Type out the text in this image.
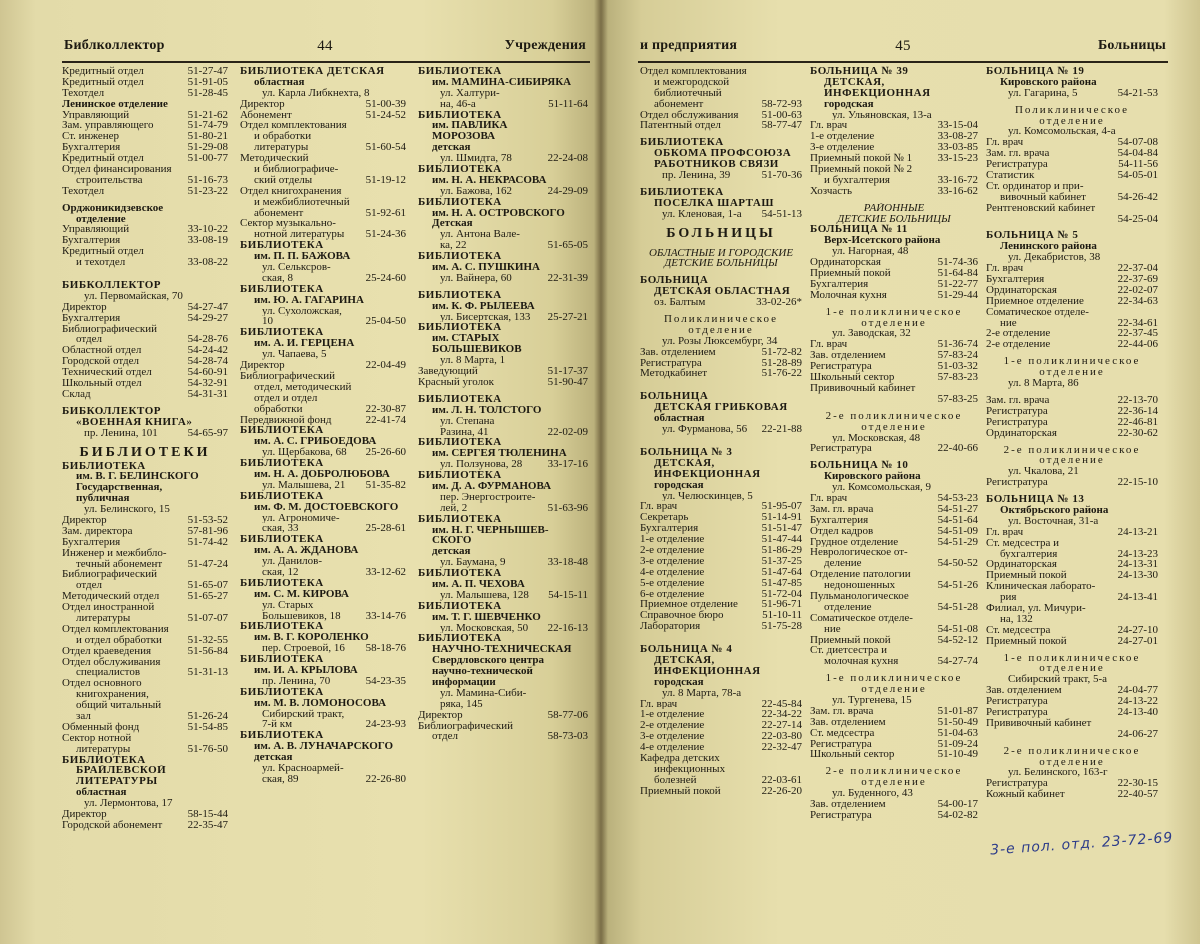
Библколлектор	44	Учреждения
Кредитный отдел	51-27-47
Кредитный отдел	51-91-05
Техотдел	51-28-45
Ленинское отделение
Управляющий	51-21-62
Зам. управляющего	51-74-79
Ст. инженер	51-80-21
Бухгалтерия	51-29-08
Кредитный отдел	51-00-77
Отдел финансирования
строительства	51-16-73
Техотдел	51-23-22
Орджоникидзевское
отделение
Управляющий	33-10-22
Бухгалтерия	33-08-19
Кредитный отдел
и техотдел	33-08-22
БИБКОЛЛЕКТОР
ул. Первомайская, 70
Директор	54-27-47
Бухгалтерия	54-29-27
Библиографический
отдел	54-28-76
Областной отдел	54-24-42
Городской отдел	54-28-74
Технический отдел	54-60-91
Школьный отдел	54-32-91
Склад	54-31-31
БИБКОЛЛЕКТОР
«ВОЕННАЯ КНИГА»
пр. Ленина, 101	54-65-97
БИБЛИОТЕКИ
БИБЛИОТЕКА
им. В. Г. БЕЛИНСКОГО
Государственная,
публичная
ул. Белинского, 15
Директор	51-53-52
Зам. директора	57-81-96
Бухгалтерия	51-74-42
Инженер и межбибло-
течный абонемент	51-47-24
Библиографический
отдел	51-65-07
Методический отдел	51-65-27
Отдел иностранной
литературы	51-07-07
Отдел комплектования
и отдел обработки	51-32-55
Отдел краеведения	51-56-84
Отдел обслуживания
специалистов	51-31-13
Отдел основного
книгохранения,
общий читальный
зал	51-26-24
Обменный фонд	51-54-85
Сектор нотной
литературы	51-76-50
БИБЛИОТЕКА
БРАЙЛЕВСКОЙ
ЛИТЕРАТУРЫ
областная
ул. Лермонтова, 17
Директор	58-15-44
Городской абонемент	22-35-47
БИБЛИОТЕКА ДЕТСКАЯ
областная
ул. Карла Либкнехта, 8
Директор	51-00-39
Абонемент	51-24-52
Отдел комплектования
и обработки
литературы	51-60-54
Методический
и библиографиче-
ский отделы	51-19-12
Отдел книгохранения
и межбиблиотечный
абонемент	51-92-61
Сектор музыкально-
нотной литературы	51-24-36
БИБЛИОТЕКА
им. П. П. БАЖОВА
ул. Сельксров-
ская, 8	25-24-60
БИБЛИОТЕКА
им. Ю. А. ГАГАРИНА
ул. Сухоложская,
10	25-04-50
БИБЛИОТЕКА
им. А. И. ГЕРЦЕНА
ул. Чапаева, 5
Директор	22-04-49
Библиографический
отдел, методический
отдел и отдел
обработки	22-30-87
Передвижной фонд	22-41-74
БИБЛИОТЕКА
им. А. С. ГРИБОЕДОВА
ул. Щербакова, 68	25-26-60
БИБЛИОТЕКА
им. Н. А. ДОБРОЛЮБОВА
ул. Малышева, 21	51-35-82
БИБЛИОТЕКА
им. Ф. М. ДОСТОЕВСКОГО
ул. Агрономиче-
ская, 33	25-28-61
БИБЛИОТЕКА
им. А. А. ЖДАНОВА
ул. Данилов-
ская, 12	33-12-62
БИБЛИОТЕКА
им. С. М. КИРОВА
ул. Старых
Большевиков, 18	33-14-76
БИБЛИОТЕКА
им. В. Г. КОРОЛЕНКО
пер. Строевой, 16	58-18-76
БИБЛИОТЕКА
им. И. А. КРЫЛОВА
пр. Ленина, 70	54-23-35
БИБЛИОТЕКА
им. М. В. ЛОМОНОСОВА
Сибирский тракт,
7-й км	24-23-93
БИБЛИОТЕКА
им. А. В. ЛУНАЧАРСКОГО
детская
ул. Красноармей-
ская, 89	22-26-80
БИБЛИОТЕКА
им. МАМИНА-СИБИРЯКА
ул. Халтури-
на, 46-а	51-11-64
БИБЛИОТЕКА
им. ПАВЛИКА
МОРОЗОВА
детская
ул. Шмидта, 78	22-24-08
БИБЛИОТЕКА
им. Н. А. НЕКРАСОВА
ул. Бажова, 162	24-29-09
БИБЛИОТЕКА
им. Н. А. ОСТРОВСКОГО
Детская
ул. Антона Вале-
ка, 22	51-65-05
БИБЛИОТЕКА
им. А. С. ПУШКИНА
ул. Вайнера, 60	22-31-39
БИБЛИОТЕКА
им. К. Ф. РЫЛЕЕВА
ул. Бисертская, 133	25-27-21
БИБЛИОТЕКА
им. СТАРЫХ
БОЛЬШЕВИКОВ
ул. 8 Марта, 1
Заведующий	51-17-37
Красный уголок	51-90-47
БИБЛИОТЕКА
им. Л. Н. ТОЛСТОГО
ул. Степана
Разина, 41	22-02-09
БИБЛИОТЕКА
им. СЕРГЕЯ ТЮЛЕНИНА
ул. Ползунова, 28	33-17-16
БИБЛИОТЕКА
им. Д. А. ФУРМАНОВА
пер. Энергостроите-
лей, 2	51-63-96
БИБЛИОТЕКА
им. Н. Г. ЧЕРНЫШЕВ-
СКОГО
детская
ул. Баумана, 9	33-18-48
БИБЛИОТЕКА
им. А. П. ЧЕХОВА
ул. Малышева, 128	54-15-11
БИБЛИОТЕКА
им. Т. Г. ШЕВЧЕНКО
ул. Московская, 50	22-16-13
БИБЛИОТЕКА
НАУЧНО-ТЕХНИЧЕСКАЯ
Свердловского центра
научно-технической
информации
ул. Мамина-Сиби-
ряка, 145
Директор	58-77-06
Библиографический
отдел	58-73-03
и предприятия	45	Больницы
Отдел комплектования
и межгородской
библиотечный
абонемент	58-72-93
Отдел обслуживания	51-00-63
Патентный отдел	58-77-47
БИБЛИОТЕКА
ОБКОМА ПРОФСОЮЗА
РАБОТНИКОВ СВЯЗИ
пр. Ленина, 39	51-70-36
БИБЛИОТЕКА
ПОСЕЛКА ШАРТАШ
ул. Кленовая, 1-а	54-51-13
БОЛЬНИЦЫ
ОБЛАСТНЫЕ И ГОРОДСКИЕ
ДЕТСКИЕ БОЛЬНИЦЫ
БОЛЬНИЦА
ДЕТСКАЯ ОБЛАСТНАЯ
оз. Балтым	33-02-26*
Поликлиническое
отделение
ул. Розы Люксембург, 34
Зав. отделением	51-72-82
Регистратура	51-28-89
Методкабинет	51-76-22
БОЛЬНИЦА
ДЕТСКАЯ ГРИБКОВАЯ
областная
ул. Фурманова, 56	22-21-88
БОЛЬНИЦА № 3
ДЕТСКАЯ,
ИНФЕКЦИОННАЯ
городская
ул. Челюскинцев, 5
Гл. врач	51-95-07
Секретарь	51-14-91
Бухгалтерия	51-51-47
1-е отделение	51-47-44
2-е отделение	51-86-29
3-е отделение	51-37-25
4-е отделение	51-47-64
5-е отделение	51-47-85
6-е отделение	51-72-04
Приемное отделение	51-96-71
Справочное бюро	51-10-11
Лаборатория	51-75-28
БОЛЬНИЦА № 4
ДЕТСКАЯ,
ИНФЕКЦИОННАЯ
городская
ул. 8 Марта, 78-а
Гл. врач	22-45-84
1-е отделение	22-34-22
2-е отделение	22-27-14
3-е отделение	22-03-80
4-е отделение	22-32-47
Кафедра детских
инфекционных
болезней	22-03-61
Приемный покой	22-26-20
БОЛЬНИЦА № 39
ДЕТСКАЯ,
ИНФЕКЦИОННАЯ
городская
ул. Ульяновская, 13-а
Гл. врач	33-15-04
1-е отделение	33-08-27
3-е отделение	33-03-85
Приемный покой № 1	33-15-23
Приемный покой № 2
и бухгалтерия	33-16-72
Хозчасть	33-16-62
РАЙОННЫЕ
ДЕТСКИЕ БОЛЬНИЦЫ
БОЛЬНИЦА № 11
Верх-Исетского района
ул. Нагорная, 48
Ординаторская	51-74-36
Приемный покой	51-64-84
Бухгалтерия	51-22-77
Молочная кухня	51-29-44
1-е поликлиническое
отделение
ул. Заводская, 32
Гл. врач	51-36-74
Зав. отделением	57-83-24
Регистратура	51-03-32
Школьный сектор	57-83-23
Прививочный кабинет
57-83-25
2-е поликлиническое
отделение
ул. Московская, 48
Регистратура	22-40-66
БОЛЬНИЦА № 10
Кировского района
ул. Комсомольская, 9
Гл. врач	54-53-23
Зам. гл. врача	54-51-27
Бухгалтерия	54-51-64
Отдел кадров	54-51-09
Грудное отделение	54-51-29
Неврологическое от-
деление	54-50-52
Отделение патологии
недоношенных	54-51-26
Пульманологическое
отделение	54-51-28
Соматическое отделе-
ние	54-51-08
Приемный покой	54-52-12
Ст. диетсестра и
молочная кухня	54-27-74
1-е поликлиническое
отделение
ул. Тургенева, 15
Зам. гл. врача	51-01-87
Зав. отделением	51-50-49
Ст. медсестра	51-04-63
Регистратура	51-09-24
Школьный сектор	51-10-49
2-е поликлиническое
отделение
ул. Буденного, 43
Зав. отделением	54-00-17
Регистратура	54-02-82
БОЛЬНИЦА № 19
Кировского района
ул. Гагарина, 5	54-21-53
Поликлиническое
отделение
ул. Комсомольская, 4-а
Гл. врач	54-07-08
Зам. гл. врача	54-04-84
Регистратура	54-11-56
Статистик	54-05-01
Ст. ординатор и при-
вивочный кабинет	54-26-42
Рентгеновский кабинет
54-25-04
БОЛЬНИЦА № 5
Ленинского района
ул. Декабристов, 38
Гл. врач	22-37-04
Бухгалтерия	22-37-69
Ординаторская	22-02-07
Приемное отделение	22-34-63
Соматическое отделе-
ние	22-34-61
2-е отделение	22-37-45
2-е отделение	22-44-06
1-е поликлиническое
отделение
ул. 8 Марта, 86
Зам. гл. врача	22-13-70
Регистратура	22-36-14
Регистратура	22-46-81
Ординаторская	22-30-62
2-е поликлиническое
отделение
ул. Чкалова, 21
Регистратура	22-15-10
БОЛЬНИЦА № 13
Октябрьского района
ул. Восточная, 31-а
Гл. врач	24-13-21
Ст. медсестра и
бухгалтерия	24-13-23
Ординаторская	24-13-31
Приемный покой	24-13-30
Клиническая лаборато-
рия	24-13-41
Филиал, ул. Мичури-
на, 132
Ст. медсестра	24-27-10
Приемный покой	24-27-01
1-е поликлиническое
отделение
Сибирский тракт, 5-а
Зав. отделением	24-04-77
Регистратура	24-13-22
Регистратура	24-13-40
Прививочный кабинет
24-06-27
2-е поликлиническое
отделение
ул. Белинского, 163-г
Регистратура	22-30-15
Кожный кабинет	22-40-57
3-е пол. отд. 23-72-69
